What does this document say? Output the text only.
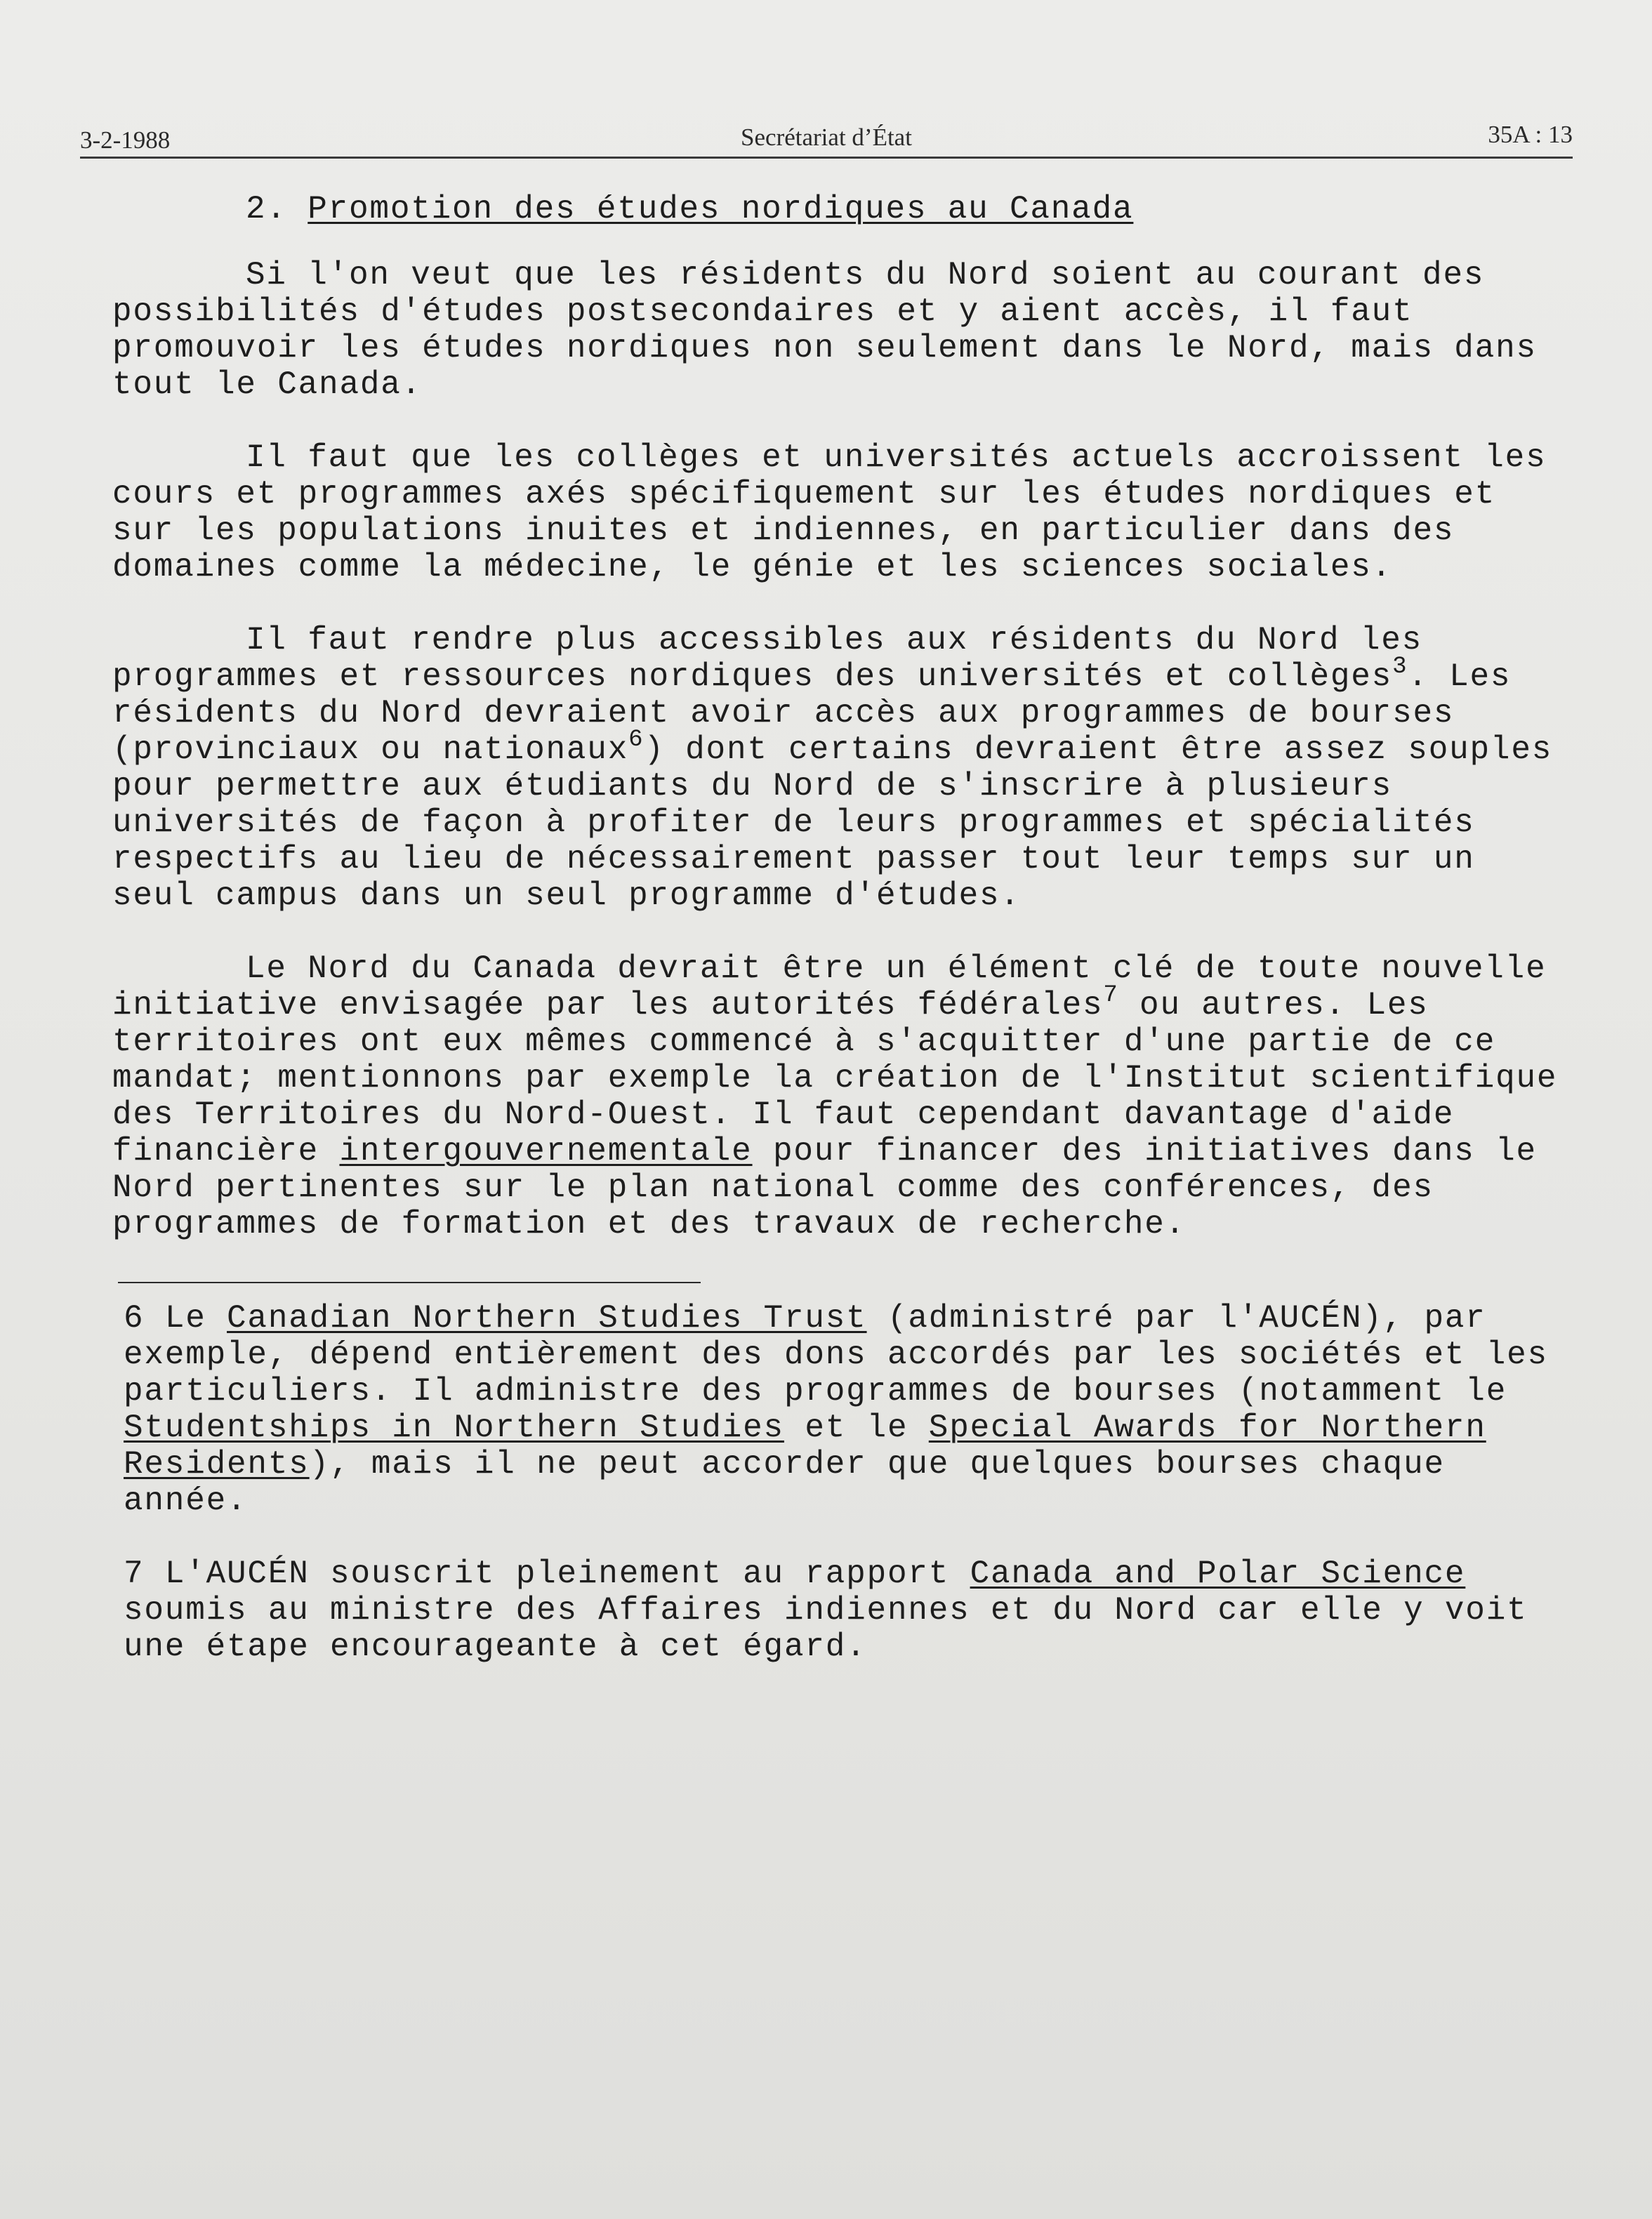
3-2-1988	Secrétariat d’État	35A : 13
2. Promotion des études nordiques au Canada

Si l'on veut que les résidents du Nord soient au courant des possibilités d'études postsecondaires et y aient accès, il faut promouvoir les études nordiques non seulement dans le Nord, mais dans tout le Canada.

Il faut que les collèges et universités actuels accroissent les cours et programmes axés spécifiquement sur les études nordiques et sur les populations inuites et indiennes, en particulier dans des domaines comme la médecine, le génie et les sciences sociales.

Il faut rendre plus accessibles aux résidents du Nord les programmes et ressources nordiques des universités et collèges$^3$. Les résidents du Nord devraient avoir accès aux programmes de bourses (provinciaux ou nationaux$^6$) dont certains devraient être assez souples pour permettre aux étudiants du Nord de s'inscrire à plusieurs universités de façon à profiter de leurs programmes et spécialités respectifs au lieu de nécessairement passer tout leur temps sur un seul campus dans un seul programme d'études.

Le Nord du Canada devrait être un élément clé de toute nouvelle initiative envisagée par les autorités fédérales$^7$ ou autres. Les territoires ont eux mêmes commencé à s'acquitter d'une partie de ce mandat; mentionnons par exemple la création de l'Institut scientifique des Territoires du Nord-Ouest. Il faut cependant davantage d'aide financière intergouvernementale pour financer des initiatives dans le Nord pertinentes sur le plan national comme des conférences, des programmes de formation et des travaux de recherche.

6 Le Canadian Northern Studies Trust (administré par l'AUCÉN), par exemple, dépend entièrement des dons accordés par les sociétés et les particuliers. Il administre des programmes de bourses (notamment le Studentships in Northern Studies et le Special Awards for Northern Residents), mais il ne peut accorder que quelques bourses chaque année.

7 L'AUCÉN souscrit pleinement au rapport Canada and Polar Science soumis au ministre des Affaires indiennes et du Nord car elle y voit une étape encourageante à cet égard.
